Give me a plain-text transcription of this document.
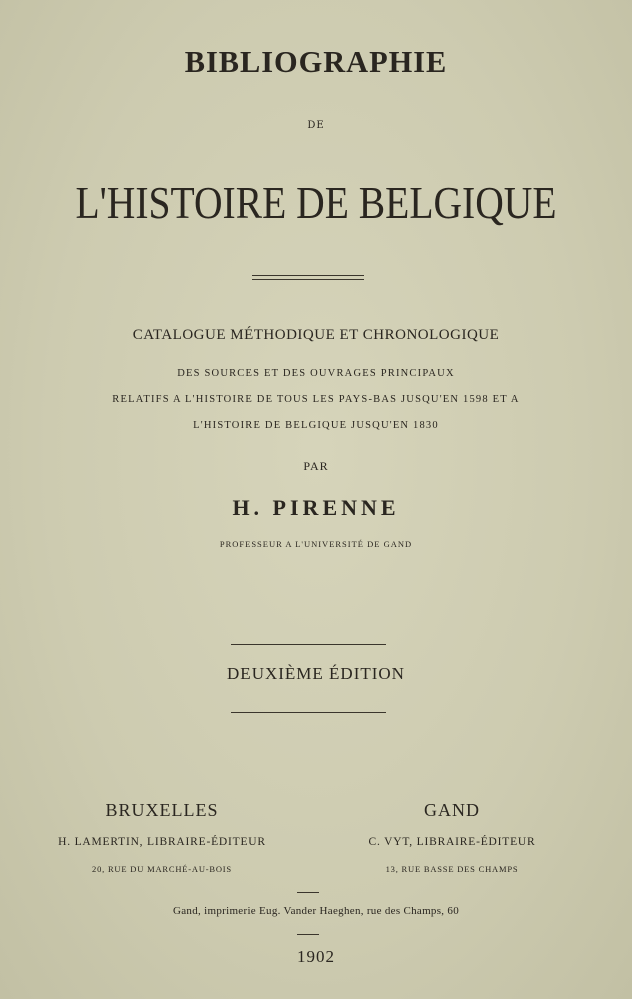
BIBLIOGRAPHIE
DE
L'HISTOIRE DE BELGIQUE
CATALOGUE MÉTHODIQUE ET CHRONOLOGIQUE
DES SOURCES ET DES OUVRAGES PRINCIPAUX
RELATIFS A L'HISTOIRE DE TOUS LES PAYS-BAS JUSQU'EN 1598 ET A
L'HISTOIRE DE BELGIQUE JUSQU'EN 1830
PAR
H. PIRENNE
PROFESSEUR A L'UNIVERSITÉ DE GAND
DEUXIÈME ÉDITION
BRUXELLES
H. LAMERTIN, LIBRAIRE-ÉDITEUR
20, RUE DU MARCHÉ-AU-BOIS
GAND
C. VYT, LIBRAIRE-ÉDITEUR
13, RUE BASSE DES CHAMPS
Gand, imprimerie Eug. Vander Haeghen, rue des Champs, 60
1902
